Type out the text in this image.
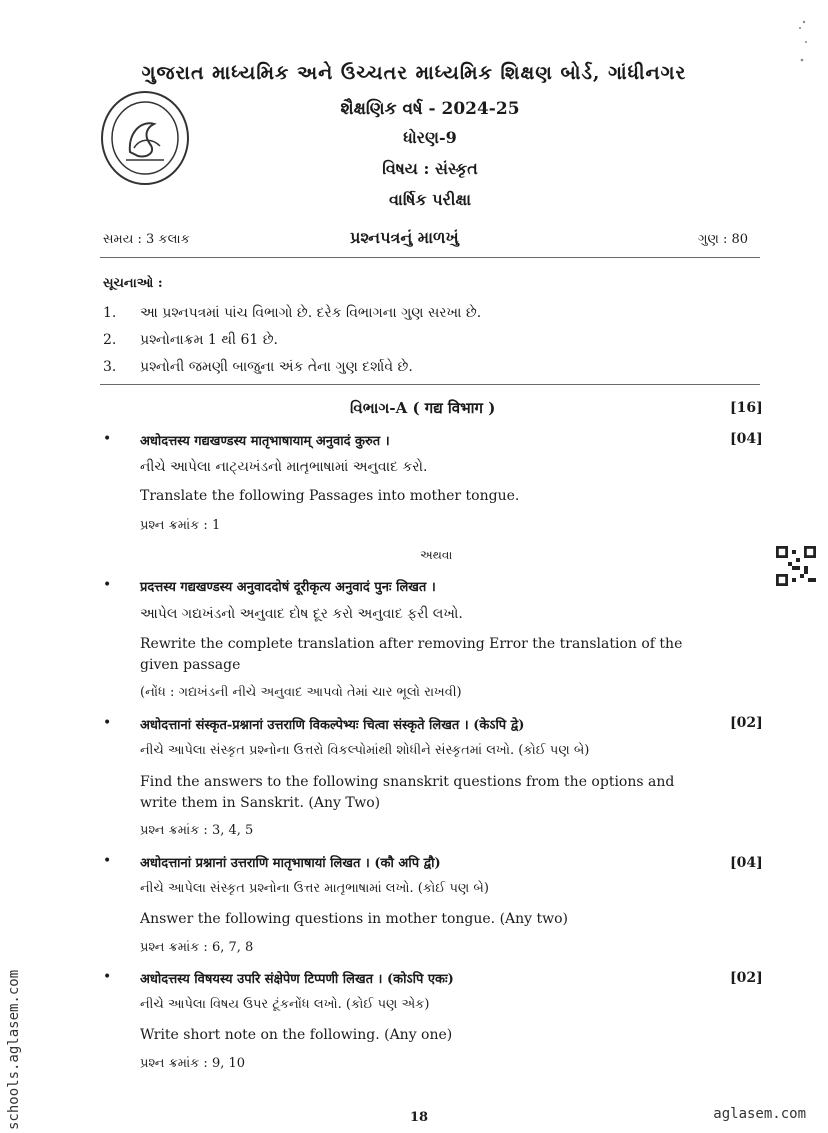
ગુજરાત માધ્યમિક અને ઉચ્ચતર માધ્યમિક શિક્ષણ બોર્ડ, ગાંધીનગર
શૈક્ષણિક વર્ષ - 2024-25
ધોરણ-9
વિષય : સંસ્કૃત
વાર્ષિક પરીક્ષા
સમય : 3 કલાક	પ્રશ્નપત્રનું માળખું	ગુણ : 80
સૂચનાઓ :
1. આ પ્રશ્નપત્રમાં પાંચ વિભાગો છે. દરેક વિભાગના ગુણ સરખા છે.
2. પ્રશ્નોનાક્રમ 1 થી 61 છે.
3. પ્રશ્નોની જમણી બાજુના અંક તેના ગુણ દર્શાવે છે.
વિભાગ-A ( गद्य विभाग )	[16]
• अधोदत्तस्य गद्यखण्डस्य मातृभाषायाम् अनुवादं कुरुत ।	[04]
નીચે આપેલા નાટ્યખંડનો માતૃભાષામાં અનુવાદ કરો.
Translate the following Passages into mother tongue.
પ્રશ્ન ક્રમાંક : 1
અથવા
• प्रदत्तस्य गद्यखण्डस्य अनुवाददोषं दूरीकृत्य अनुवादं पुनः लिखत ।
આપેલ ગદ્યખંડનો અનુવાદ દોષ દૂર કરો અનુવાદ ફરી લખો.
Rewrite the complete translation after removing Error the translation of the
given passage
(નોંધ : ગદ્યખંડની નીચે અનુવાદ આપવો તેમાં ચાર ભૂલો રાખવી)
• अधोदत्तानां संस्कृत-प्रश्नानां उत्तराणि विकल्पेभ्यः चित्वा संस्कृते लिखत । (केऽपि द्वे)	[02]
નીચે આપેલા સંસ્કૃત પ્રશ્નોના ઉત્તરો વિકલ્પોમાંથી શોધીને સંસ્કૃતમાં લખો. (કોઈ પણ બે)
Find the answers to the following snanskrit questions from the options and
write them in Sanskrit. (Any Two)
પ્રશ્ન ક્રમાંક : 3, 4, 5
• अधोदत्तानां प्रश्नानां उत्तराणि मातृभाषायां लिखत । (कौ अपि द्वौ)	[04]
નીચે આપેલા સંસ્કૃત પ્રશ્નોના ઉત્તર માતૃભાષામાં લખો. (કોઈ પણ બે)
Answer the following questions in mother tongue. (Any two)
પ્રશ્ન ક્રમાંક : 6, 7, 8
• अधोदत्तस्य विषयस्य उपरि संक्षेपेण टिप्पणी लिखत । (कोऽपि एकः)	[02]
નીચે આપેલા વિષય ઉપર ટૂંકનોંધ લખો. (કોઈ પણ એક)
Write short note on the following. (Any one)
પ્રશ્ન ક્રમાંક : 9, 10
18	aglasem.com
schools.aglasem.com
